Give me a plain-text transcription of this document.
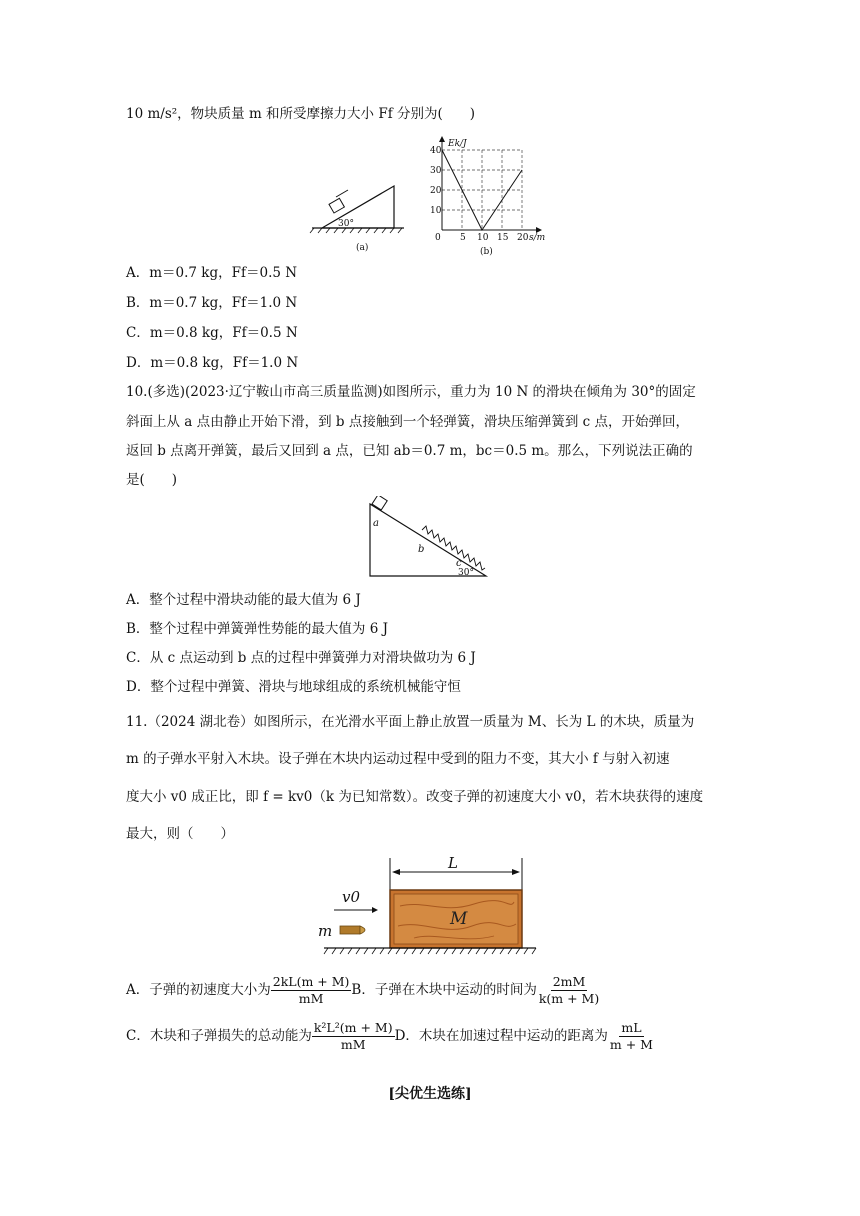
10 m/s²，物块质量 m 和所受摩擦力大小 Ff 分别为(　　)
30°
(a)
Ek/J
40
30
20
10
0 5 10 15 20 s/m
(b)
A．m＝0.7 kg，Ff＝0.5 N
B．m＝0.7 kg，Ff＝1.0 N
C．m＝0.8 kg，Ff＝0.5 N
D．m＝0.8 kg，Ff＝1.0 N
10.(多选)(2023·辽宁鞍山市高三质量监测)如图所示，重力为 10 N 的滑块在倾角为 30°的固定
斜面上从 a 点由静止开始下滑，到 b 点接触到一个轻弹簧，滑块压缩弹簧到 c 点，开始弹回，
返回 b 点离开弹簧，最后又回到 a 点，已知 ab＝0.7 m，bc＝0.5 m。那么，下列说法正确的
是(　　)
a
b
c
30°
A．整个过程中滑块动能的最大值为 6 J
B．整个过程中弹簧弹性势能的最大值为 6 J
C．从 c 点运动到 b 点的过程中弹簧弹力对滑块做功为 6 J
D．整个过程中弹簧、滑块与地球组成的系统机械能守恒
11.（2024 湖北卷）如图所示，在光滑水平面上静止放置一质量为 M、长为 L 的木块，质量为
m 的子弹水平射入木块。设子弹在木块内运动过程中受到的阻力不变，其大小 f 与射入初速
度大小 v0 成正比，即 f = kv0（k 为已知常数）。改变子弹的初速度大小 v0，若木块获得的速度
最大，则（　　）
L
M
m
v0
A．子弹的初速度大小为 $\frac{2kL(m + M)}{mM}$ B．子弹在木块中运动的时间为 $\frac{2mM}{k(m + M)}$
C．木块和子弹损失的总动能为 $\frac{\text{k²L²(m + M)}}{mM}$ D．木块在加速过程中运动的距离为 $\frac{mL}{m + M}$
[尖优生选练]
